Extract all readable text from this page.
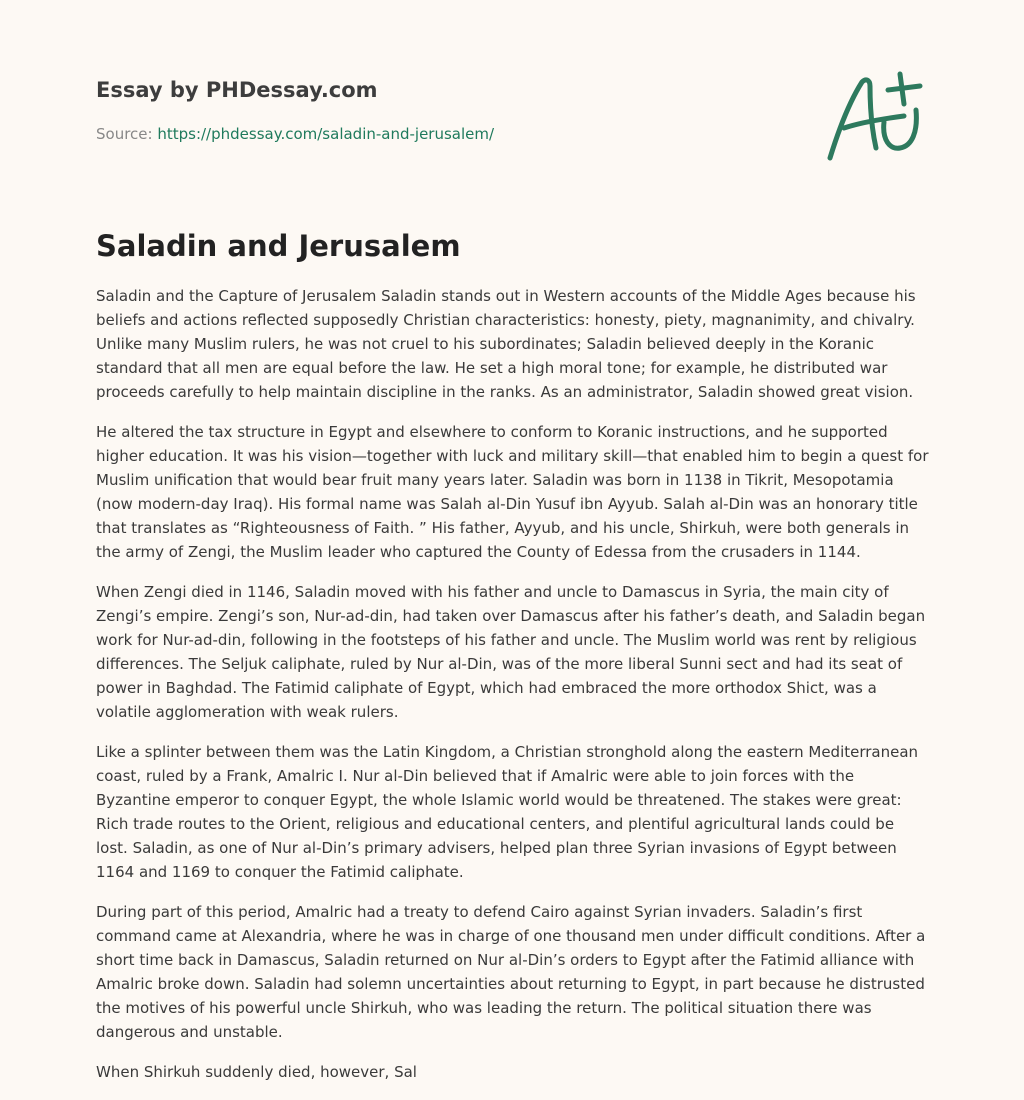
Essay by PHDessay.com
Source: https://phdessay.com/saladin-and-jerusalem/
Saladin and Jerusalem

Saladin and the Capture of Jerusalem Saladin stands out in Western accounts of the Middle Ages because his beliefs and actions reflected supposedly Christian characteristics: honesty, piety, magnanimity, and chivalry. Unlike many Muslim rulers, he was not cruel to his subordinates; Saladin believed deeply in the Koranic standard that all men are equal before the law. He set a high moral tone; for example, he distributed war proceeds carefully to help maintain discipline in the ranks. As an administrator, Saladin showed great vision.

He altered the tax structure in Egypt and elsewhere to conform to Koranic instructions, and he supported higher education. It was his vision—together with luck and military skill—that enabled him to begin a quest for Muslim unification that would bear fruit many years later. Saladin was born in 1138 in Tikrit, Mesopotamia (now modern-day Iraq). His formal name was Salah al-Din Yusuf ibn Ayyub. Salah al-Din was an honorary title that translates as “Righteousness of Faith. ” His father, Ayyub, and his uncle, Shirkuh, were both generals in the army of Zengi, the Muslim leader who captured the County of Edessa from the crusaders in 1144.

When Zengi died in 1146, Saladin moved with his father and uncle to Damascus in Syria, the main city of Zengi’s empire. Zengi’s son, Nur-ad-din, had taken over Damascus after his father’s death, and Saladin began work for Nur-ad-din, following in the footsteps of his father and uncle. The Muslim world was rent by religious differences. The Seljuk caliphate, ruled by Nur al-Din, was of the more liberal Sunni sect and had its seat of power in Baghdad. The Fatimid caliphate of Egypt, which had embraced the more orthodox Shict, was a volatile agglomeration with weak rulers.

Like a splinter between them was the Latin Kingdom, a Christian stronghold along the eastern Mediterranean coast, ruled by a Frank, Amalric I. Nur al-Din believed that if Amalric were able to join forces with the Byzantine emperor to conquer Egypt, the whole Islamic world would be threatened. The stakes were great: Rich trade routes to the Orient, religious and educational centers, and plentiful agricultural lands could be lost. Saladin, as one of Nur al-Din’s primary advisers, helped plan three Syrian invasions of Egypt between 1164 and 1169 to conquer the Fatimid caliphate.

During part of this period, Amalric had a treaty to defend Cairo against Syrian invaders. Saladin’s first command came at Alexandria, where he was in charge of one thousand men under difficult conditions. After a short time back in Damascus, Saladin returned on Nur al-Din’s orders to Egypt after the Fatimid alliance with Amalric broke down. Saladin had solemn uncertainties about returning to Egypt, in part because he distrusted the motives of his powerful uncle Shirkuh, who was leading the return. The political situation there was dangerous and unstable.

When Shirkuh suddenly died, however, Sal
